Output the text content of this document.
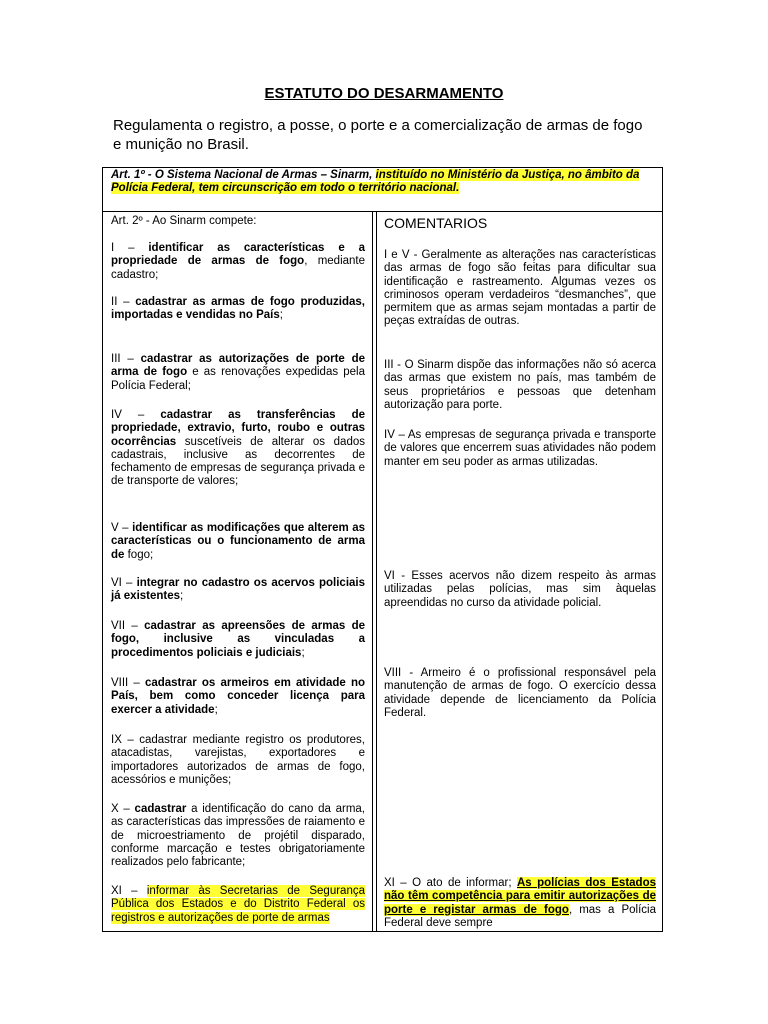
ESTATUTO DO DESARMAMENTO
Regulamenta o registro, a posse, o porte e a comercialização de armas de fogo e munição no Brasil.
Art. 1º - O Sistema Nacional de Armas – Sinarm, instituído no Ministério da Justiça, no âmbito da Polícia Federal, tem circunscrição em todo o território nacional.
Art. 2º - Ao Sinarm compete:
I – identificar as características e a propriedade de armas de fogo, mediante cadastro;
II – cadastrar as armas de fogo produzidas, importadas e vendidas no País;
III – cadastrar as autorizações de porte de arma de fogo e as renovações expedidas pela Polícia Federal;
IV – cadastrar as transferências de propriedade, extravio, furto, roubo e outras ocorrências suscetíveis de alterar os dados cadastrais, inclusive as decorrentes de fechamento de empresas de segurança privada e de transporte de valores;
V – identificar as modificações que alterem as características ou o funcionamento de arma de fogo;
VI – integrar no cadastro os acervos policiais já existentes;
VII – cadastrar as apreensões de armas de fogo, inclusive as vinculadas a procedimentos policiais e judiciais;
VIII – cadastrar os armeiros em atividade no País, bem como conceder licença para exercer a atividade;
IX – cadastrar mediante registro os produtores, atacadistas, varejistas, exportadores e importadores autorizados de armas de fogo, acessórios e munições;
X – cadastrar a identificação do cano da arma, as características das impressões de raiamento e de microestriamento de projétil disparado, conforme marcação e testes obrigatoriamente realizados pelo fabricante;
XI – informar às Secretarias de Segurança Pública dos Estados e do Distrito Federal os registros e autorizações de porte de armas
COMENTARIOS
I e V - Geralmente as alterações nas características das armas de fogo são feitas para dificultar sua identificação e rastreamento. Algumas vezes os criminosos operam verdadeiros “desmanches”, que permitem que as armas sejam montadas a partir de peças extraídas de outras.
III - O Sinarm dispõe das informações não só acerca das armas que existem no país, mas também de seus proprietários e pessoas que detenham autorização para porte.
IV – As empresas de segurança privada e transporte de valores que encerrem suas atividades não podem manter em seu poder as armas utilizadas.
VI - Esses acervos não dizem respeito às armas utilizadas pelas polícias, mas sim àquelas apreendidas no curso da atividade policial.
VIII - Armeiro é o profissional responsável pela manutenção de armas de fogo. O exercício dessa atividade depende de licenciamento da Polícia Federal.
XI – O ato de informar; As polícias dos Estados não têm competência para emitir autorizações de porte e registar armas de fogo, mas a Polícia Federal deve sempre
